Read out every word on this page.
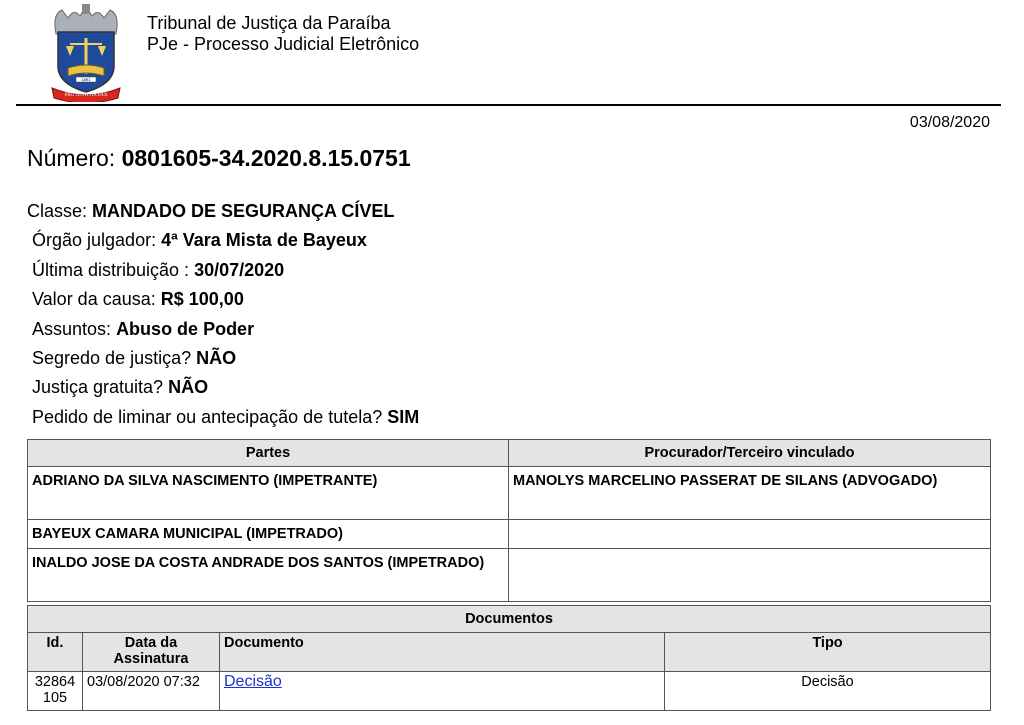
1891
PRO JUSTITIA PAX
Tribunal de Justiça da Paraíba
PJe - Processo Judicial Eletrônico
03/08/2020
Número: 0801605-34.2020.8.15.0751
Classe: MANDADO DE SEGURANÇA CÍVEL
Órgão julgador: 4ª Vara Mista de Bayeux
Última distribuição : 30/07/2020
Valor da causa: R$ 100,00
Assuntos: Abuso de Poder
Segredo de justiça? NÃO
Justiça gratuita? NÃO
Pedido de liminar ou antecipação de tutela? SIM
Partes	Procurador/Terceiro vinculado
ADRIANO DA SILVA NASCIMENTO (IMPETRANTE)	MANOLYS MARCELINO PASSERAT DE SILANS (ADVOGADO)
BAYEUX CAMARA MUNICIPAL (IMPETRADO)	
INALDO JOSE DA COSTA ANDRADE DOS SANTOS (IMPETRADO)	
Documentos			
Id.	Data da Assinatura	Documento	Tipo
32864105	03/08/2020 07:32	Decisão	Decisão
